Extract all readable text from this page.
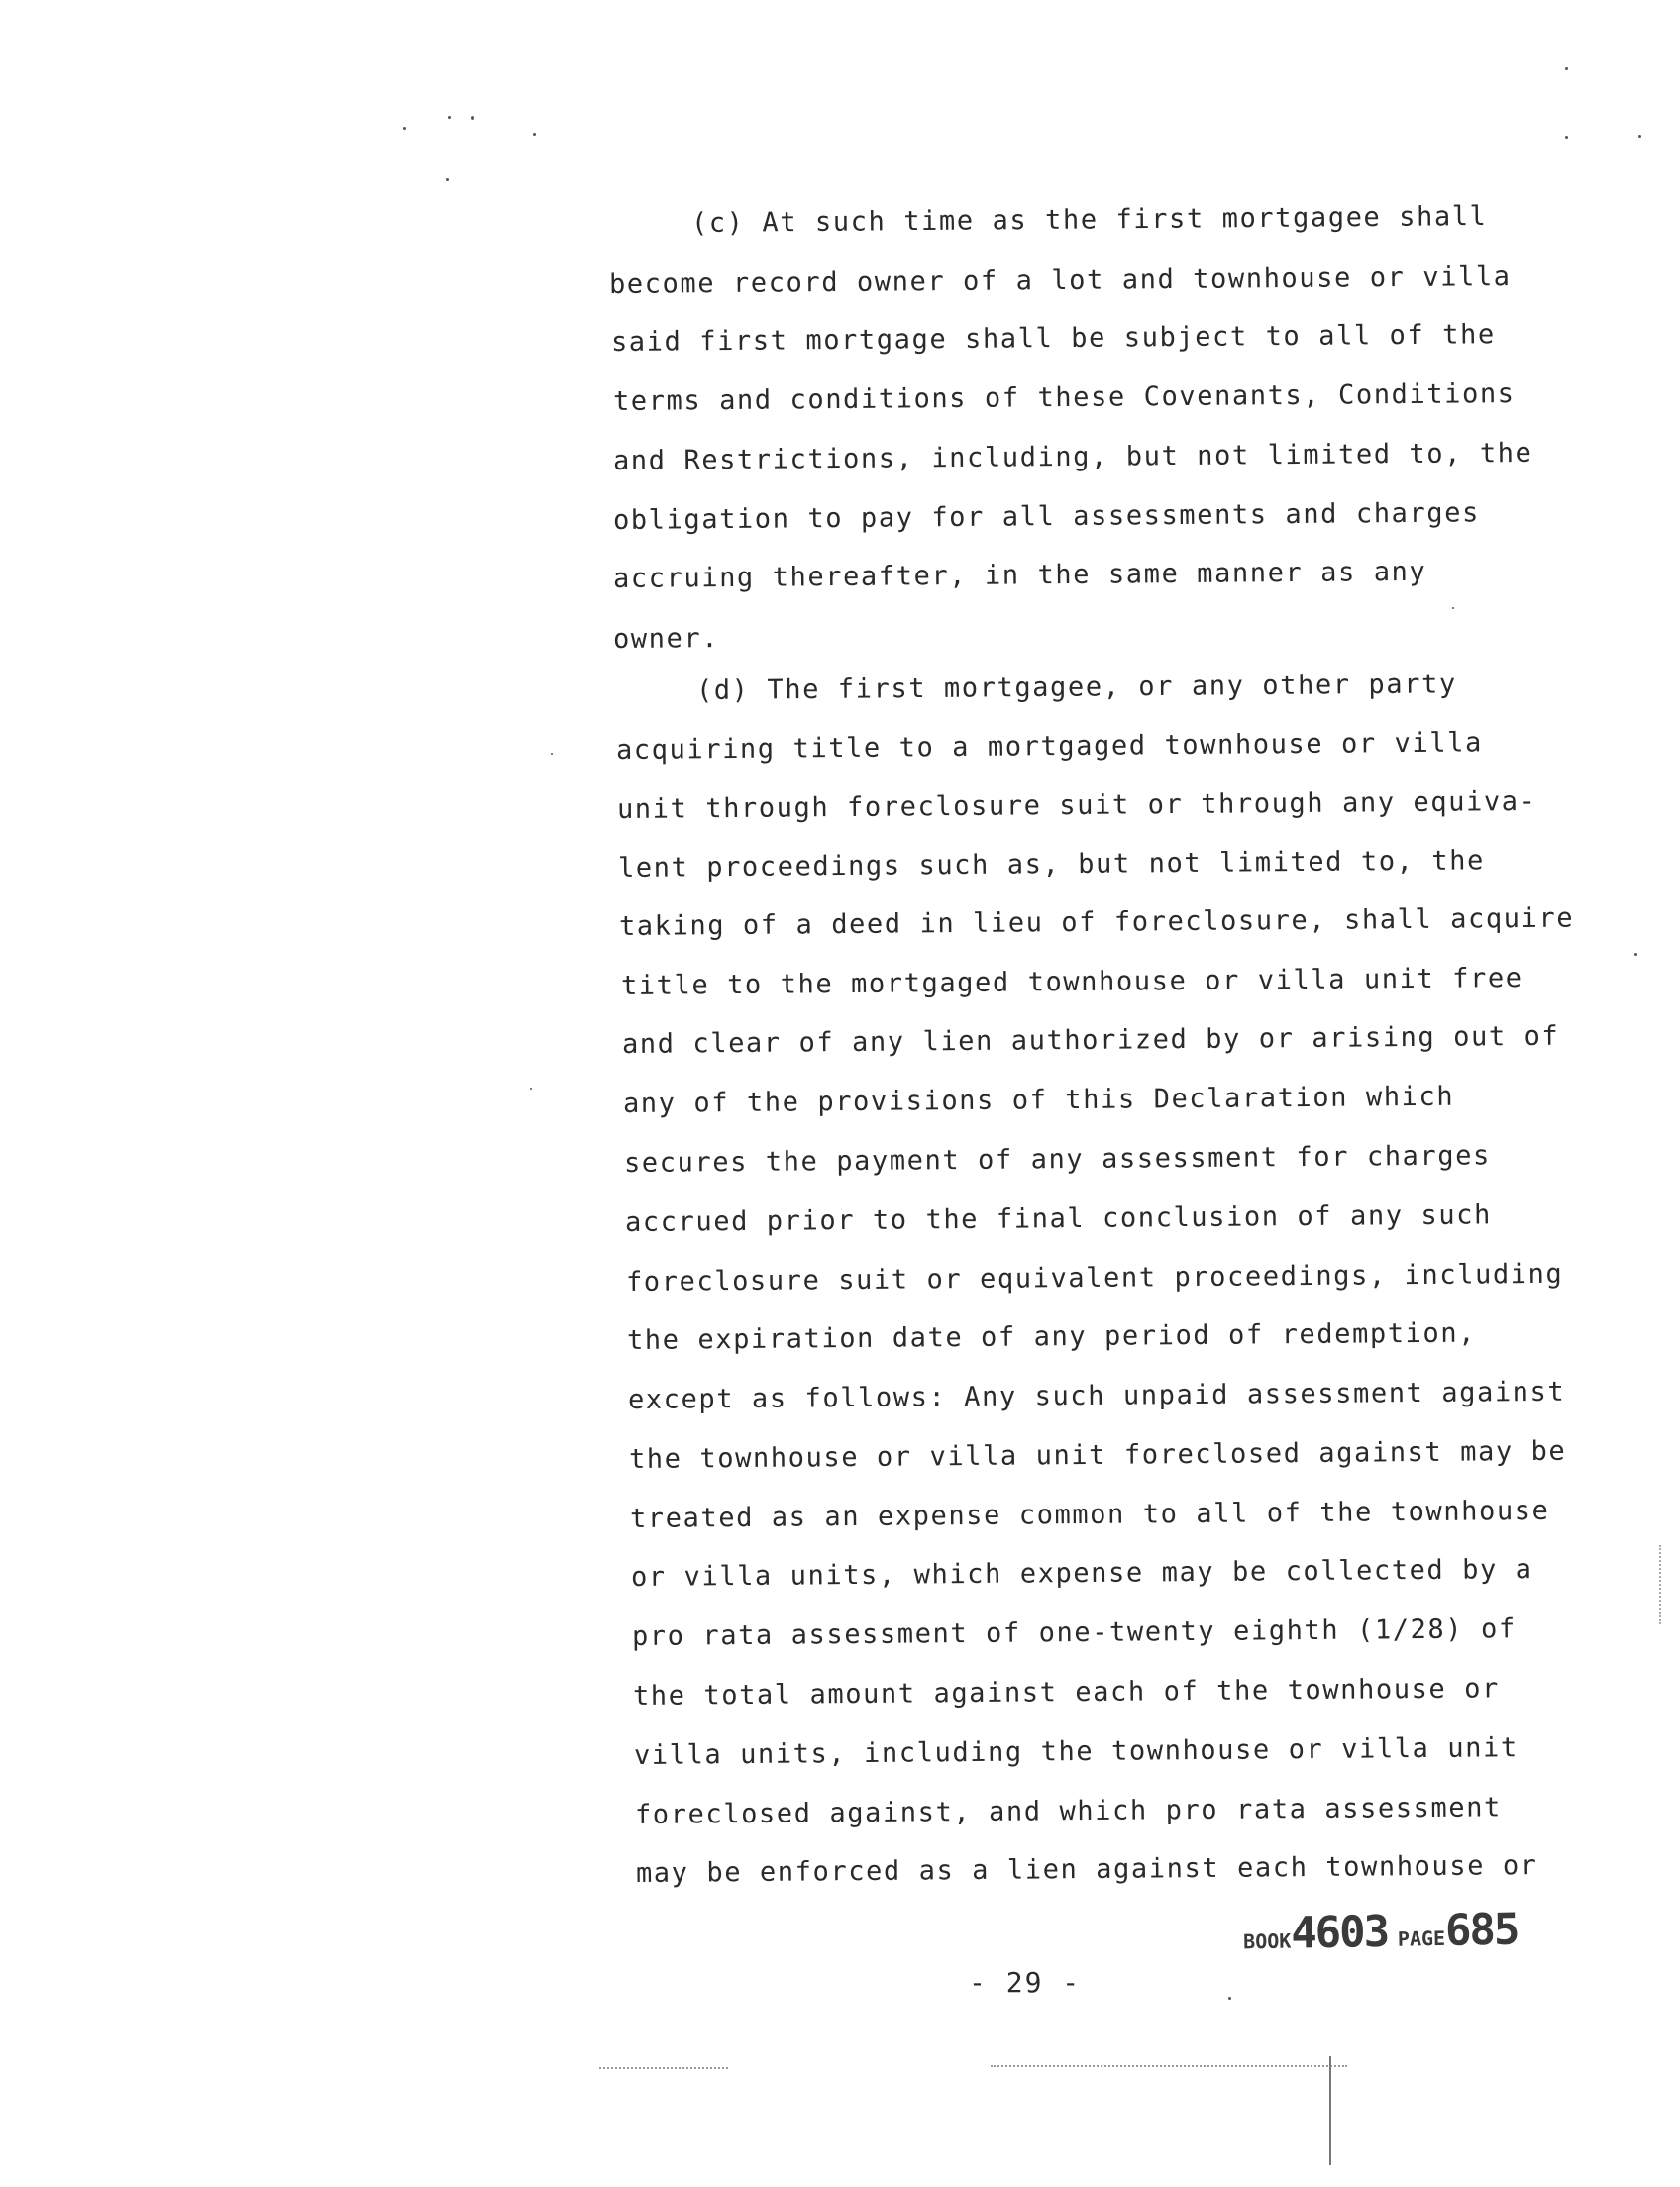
(c) At such time as the first mortgagee shall
become record owner of a lot and townhouse or villa
said first mortgage shall be subject to all of the
terms and conditions of these Covenants, Conditions
and Restrictions, including, but not limited to, the
obligation to pay for all assessments and charges
accruing thereafter, in the same manner as any
owner.
(d) The first mortgagee, or any other party
acquiring title to a mortgaged townhouse or villa
unit through foreclosure suit or through any equiva-
lent proceedings such as, but not limited to, the
taking of a deed in lieu of foreclosure, shall acquire
title to the mortgaged townhouse or villa unit free
and clear of any lien authorized by or arising out of
any of the provisions of this Declaration which
secures the payment of any assessment for charges
accrued prior to the final conclusion of any such
foreclosure suit or equivalent proceedings, including
the expiration date of any period of redemption,
except as follows: Any such unpaid assessment against
the townhouse or villa unit foreclosed against may be
treated as an expense common to all of the townhouse
or villa units, which expense may be collected by a
pro rata assessment of one-twenty eighth (1/28) of
the total amount against each of the townhouse or
villa units, including the townhouse or villa unit
foreclosed against, and which pro rata assessment
may be enforced as a lien against each townhouse or
BOOK4603 PAGE685
- 29 -
